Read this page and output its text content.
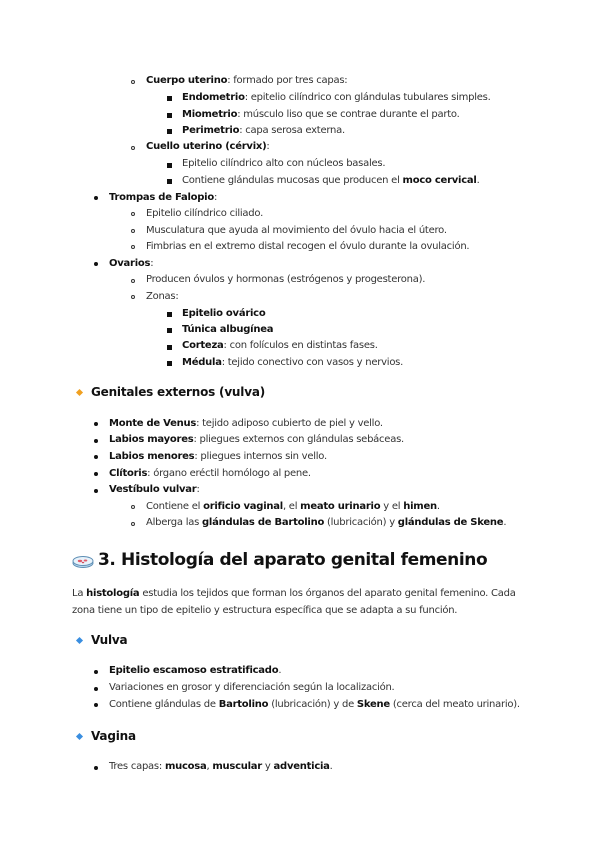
Cuerpo uterino: formado por tres capas:
Endometrio: epitelio cilíndrico con glándulas tubulares simples.
Miometrio: músculo liso que se contrae durante el parto.
Perimetrio: capa serosa externa.
Cuello uterino (cérvix):
Epitelio cilíndrico alto con núcleos basales.
Contiene glándulas mucosas que producen el moco cervical.
Trompas de Falopio:
Epitelio cilíndrico ciliado.
Musculatura que ayuda al movimiento del óvulo hacia el útero.
Fimbrias en el extremo distal recogen el óvulo durante la ovulación.
Ovarios:
Producen óvulos y hormonas (estrógenos y progesterona).
Zonas:
Epitelio ovárico
Túnica albugínea
Corteza: con folículos en distintas fases.
Médula: tejido conectivo con vasos y nervios.
Genitales externos (vulva)
Monte de Venus: tejido adiposo cubierto de piel y vello.
Labios mayores: pliegues externos con glándulas sebáceas.
Labios menores: pliegues internos sin vello.
Clítoris: órgano eréctil homólogo al pene.
Vestíbulo vulvar:
Contiene el orificio vaginal, el meato urinario y el himen.
Alberga las glándulas de Bartolino (lubricación) y glándulas de Skene.
3. Histología del aparato genital femenino
La histología estudia los tejidos que forman los órganos del aparato genital femenino. Cada zona tiene un tipo de epitelio y estructura específica que se adapta a su función.
Vulva
Epitelio escamoso estratificado.
Variaciones en grosor y diferenciación según la localización.
Contiene glándulas de Bartolino (lubricación) y de Skene (cerca del meato urinario).
Vagina
Tres capas: mucosa, muscular y adventicia.
